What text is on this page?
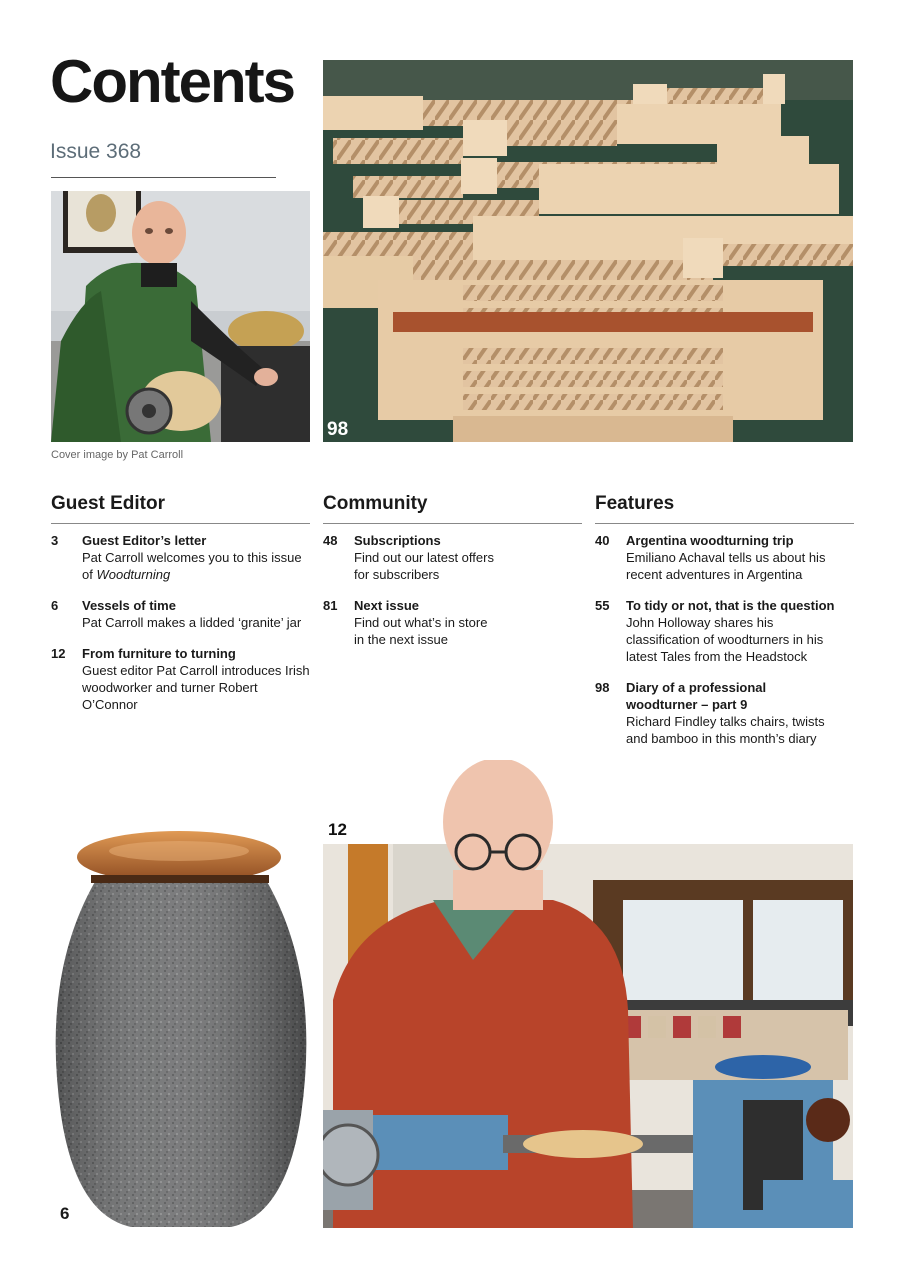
Contents
Issue 368
Cover image by Pat Carroll
98
Guest Editor
3	Guest Editor’s letter
Pat Carroll welcomes you to this issue of Woodturning
6	Vessels of time
Pat Carroll makes a lidded ‘granite’ jar
12	From furniture to turning
Guest editor Pat Carroll introduces Irish woodworker and turner Robert O’Connor
Community
48	Subscriptions
Find out our latest offers for subscribers
81	Next issue
Find out what’s in store in the next issue
Features
40	Argentina woodturning trip
Emiliano Achaval tells us about his recent adventures in Argentina
55	To tidy or not, that is the question
John Holloway shares his classification of woodturners in his latest Tales from the Headstock
98	Diary of a professional woodturner – part 9
Richard Findley talks chairs, twists and bamboo in this month’s diary
12
6
